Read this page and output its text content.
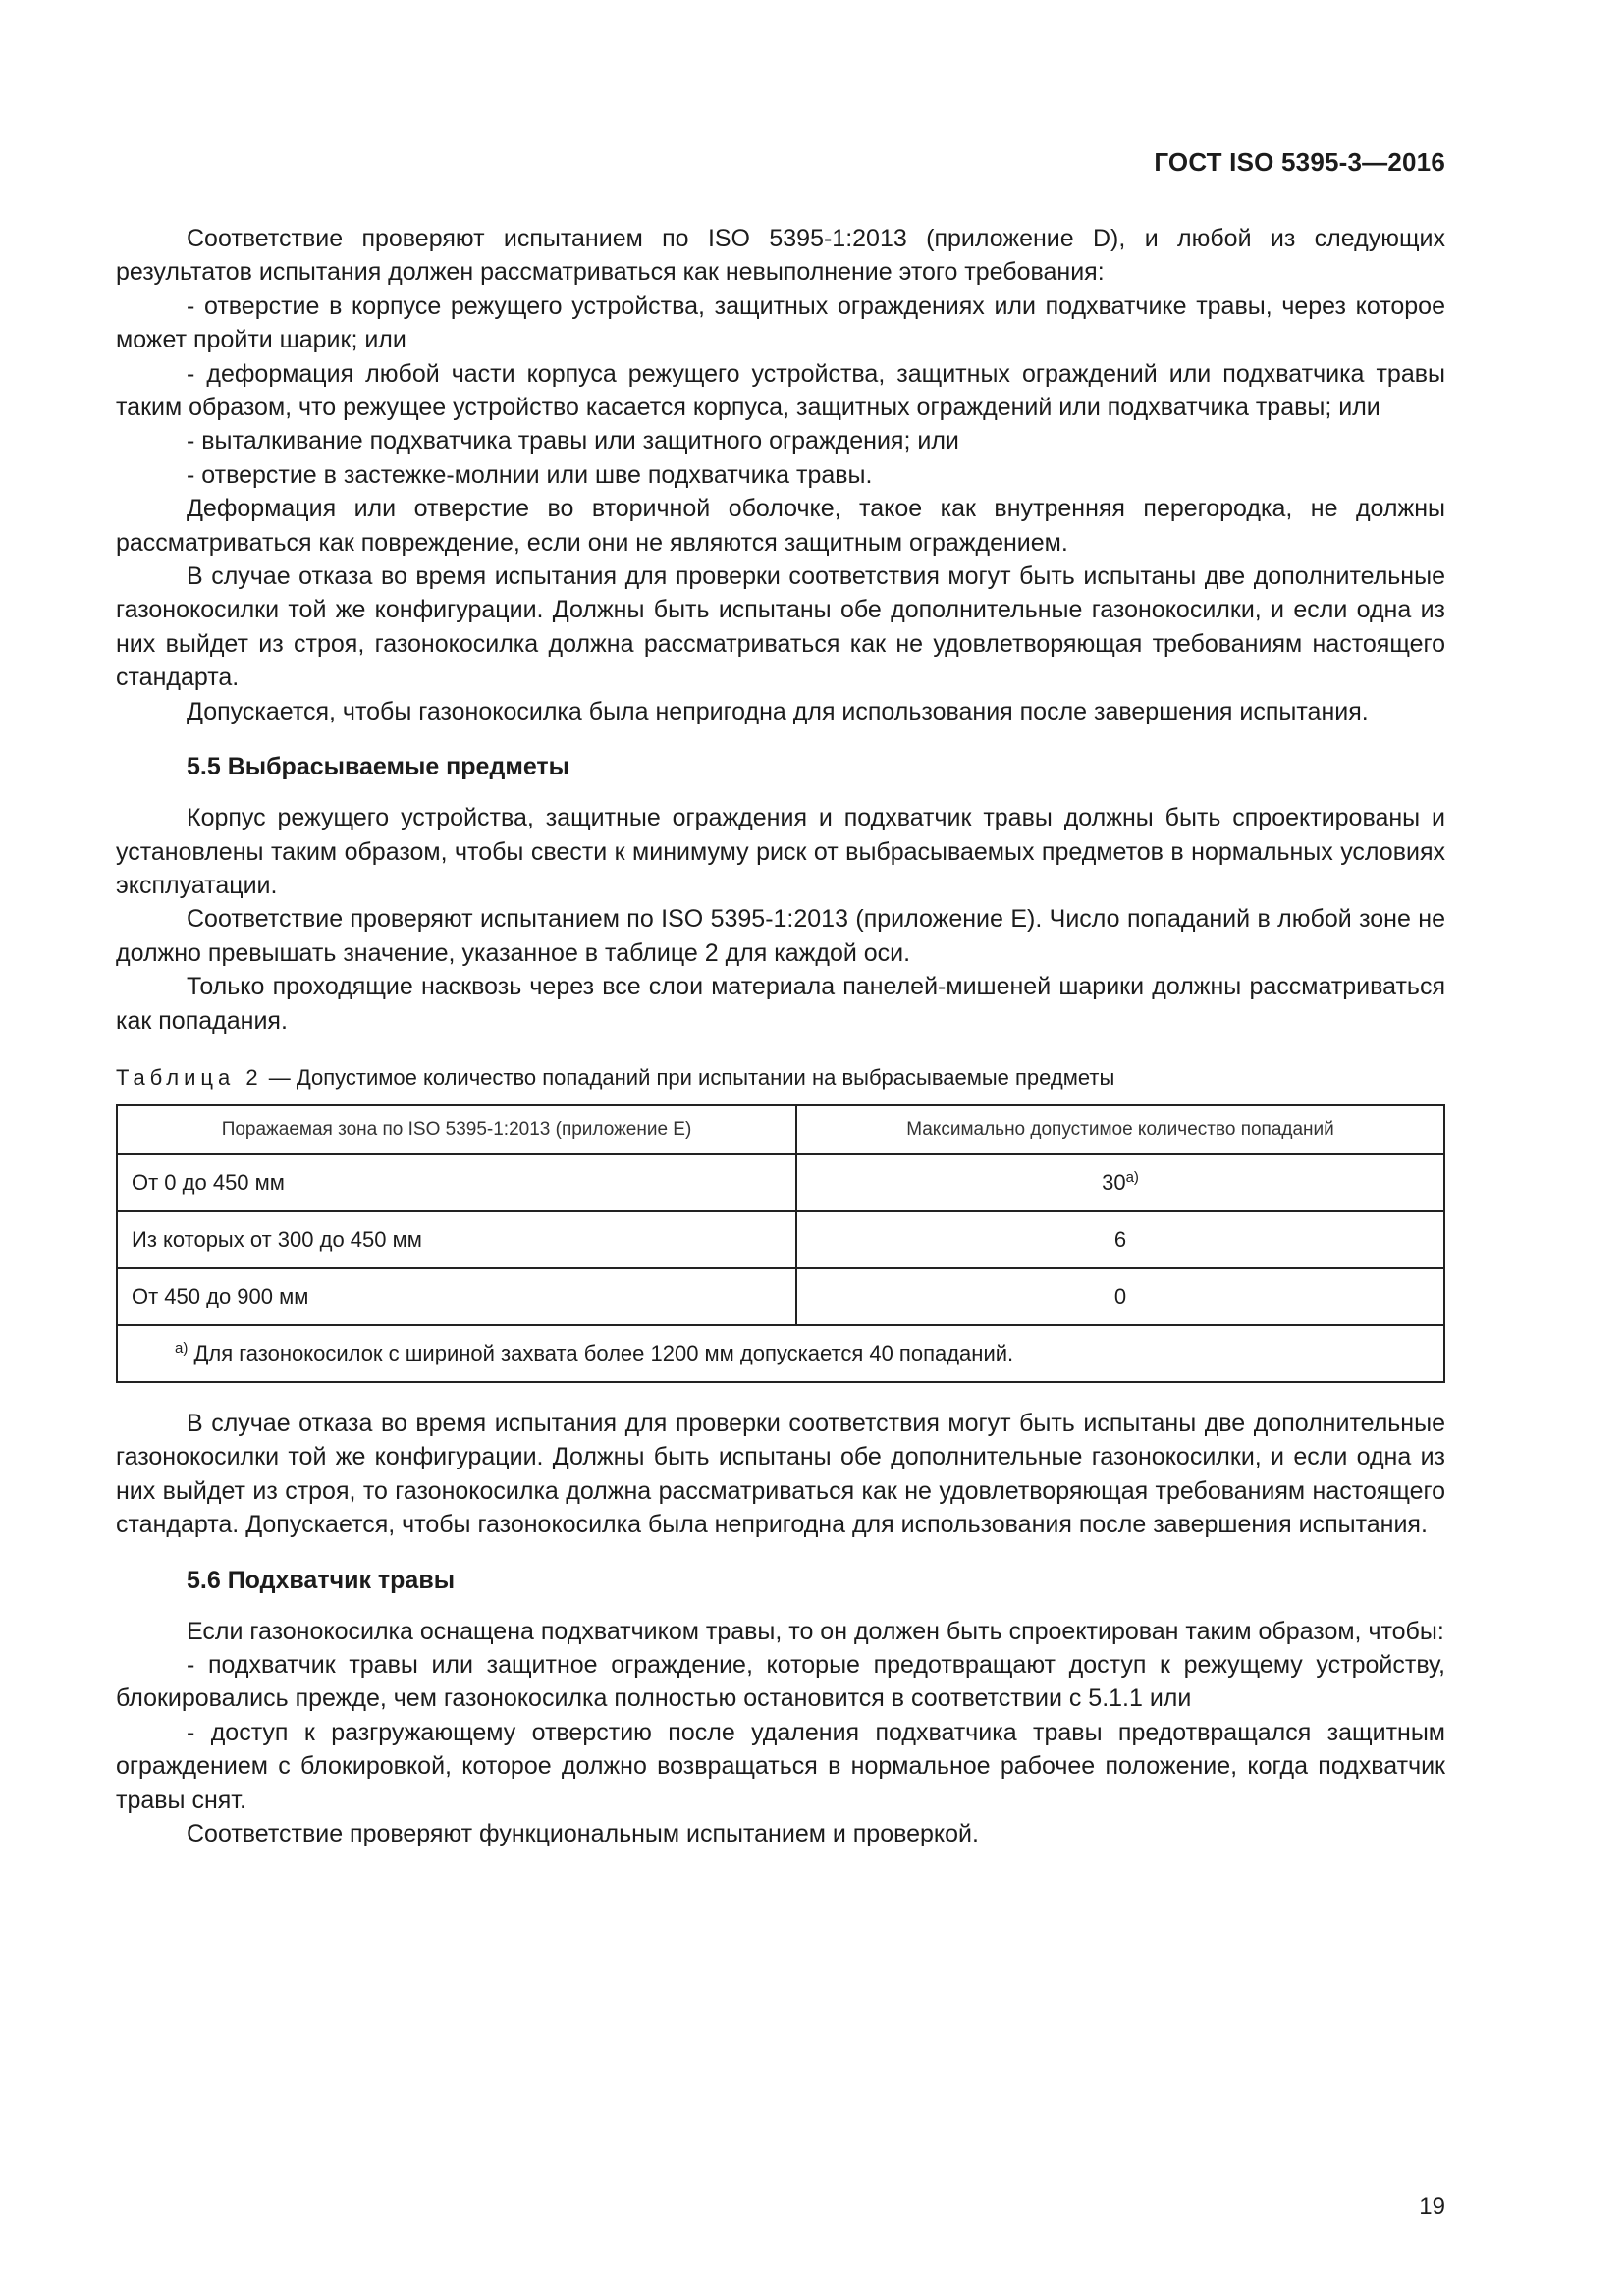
ГОСТ ISO 5395-3—2016

Соответствие проверяют испытанием по ISO 5395-1:2013 (приложение D), и любой из следующих результатов испытания должен рассматриваться как невыполнение этого требования:

- отверстие в корпусе режущего устройства, защитных ограждениях или подхватчике травы, через которое может пройти шарик; или

- деформация любой части корпуса режущего устройства, защитных ограждений или подхватчика травы таким образом, что режущее устройство касается корпуса, защитных ограждений или подхватчика травы; или

- выталкивание подхватчика травы или защитного ограждения; или

- отверстие в застежке-молнии или шве подхватчика травы.

Деформация или отверстие во вторичной оболочке, такое как внутренняя перегородка, не должны рассматриваться как повреждение, если они не являются защитным ограждением.

В случае отказа во время испытания для проверки соответствия могут быть испытаны две дополнительные газонокосилки той же конфигурации. Должны быть испытаны обе дополнительные газонокосилки, и если одна из них выйдет из строя, газонокосилка должна рассматриваться как не удовлетворяющая требованиям настоящего стандарта.

Допускается, чтобы газонокосилка была непригодна для использования после завершения испытания.

5.5 Выбрасываемые предметы

Корпус режущего устройства, защитные ограждения и подхватчик травы должны быть спроектированы и установлены таким образом, чтобы свести к минимуму риск от выбрасываемых предметов в нормальных условиях эксплуатации.

Соответствие проверяют испытанием по ISO 5395-1:2013 (приложение Е). Число попаданий в любой зоне не должно превышать значение, указанное в таблице 2 для каждой оси.

Только проходящие насквозь через все слои материала панелей-мишеней шарики должны рассматриваться как попадания.

Таблица 2 — Допустимое количество попаданий при испытании на выбрасываемые предметы
Поражаемая зона по ISO 5395-1:2013 (приложение Е)	Максимально допустимое количество попаданий
От 0 до 450 мм	$30^{а)}$
Из которых от 300 до 450 мм	6
От 450 до 900 мм	0
$^{а)}$ Для газонокосилок с шириной захвата более 1200 мм допускается 40 попаданий.	

В случае отказа во время испытания для проверки соответствия могут быть испытаны две дополнительные газонокосилки той же конфигурации. Должны быть испытаны обе дополнительные газонокосилки, и если одна из них выйдет из строя, то газонокосилка должна рассматриваться как не удовлетворяющая требованиям настоящего стандарта. Допускается, чтобы газонокосилка была непригодна для использования после завершения испытания.

5.6 Подхватчик травы

Если газонокосилка оснащена подхватчиком травы, то он должен быть спроектирован таким образом, чтобы:

- подхватчик травы или защитное ограждение, которые предотвращают доступ к режущему устройству, блокировались прежде, чем газонокосилка полностью остановится в соответствии с 5.1.1 или

- доступ к разгружающему отверстию после удаления подхватчика травы предотвращался защитным ограждением с блокировкой, которое должно возвращаться в нормальное рабочее положение, когда подхватчик травы снят.

Соответствие проверяют функциональным испытанием и проверкой.

19
